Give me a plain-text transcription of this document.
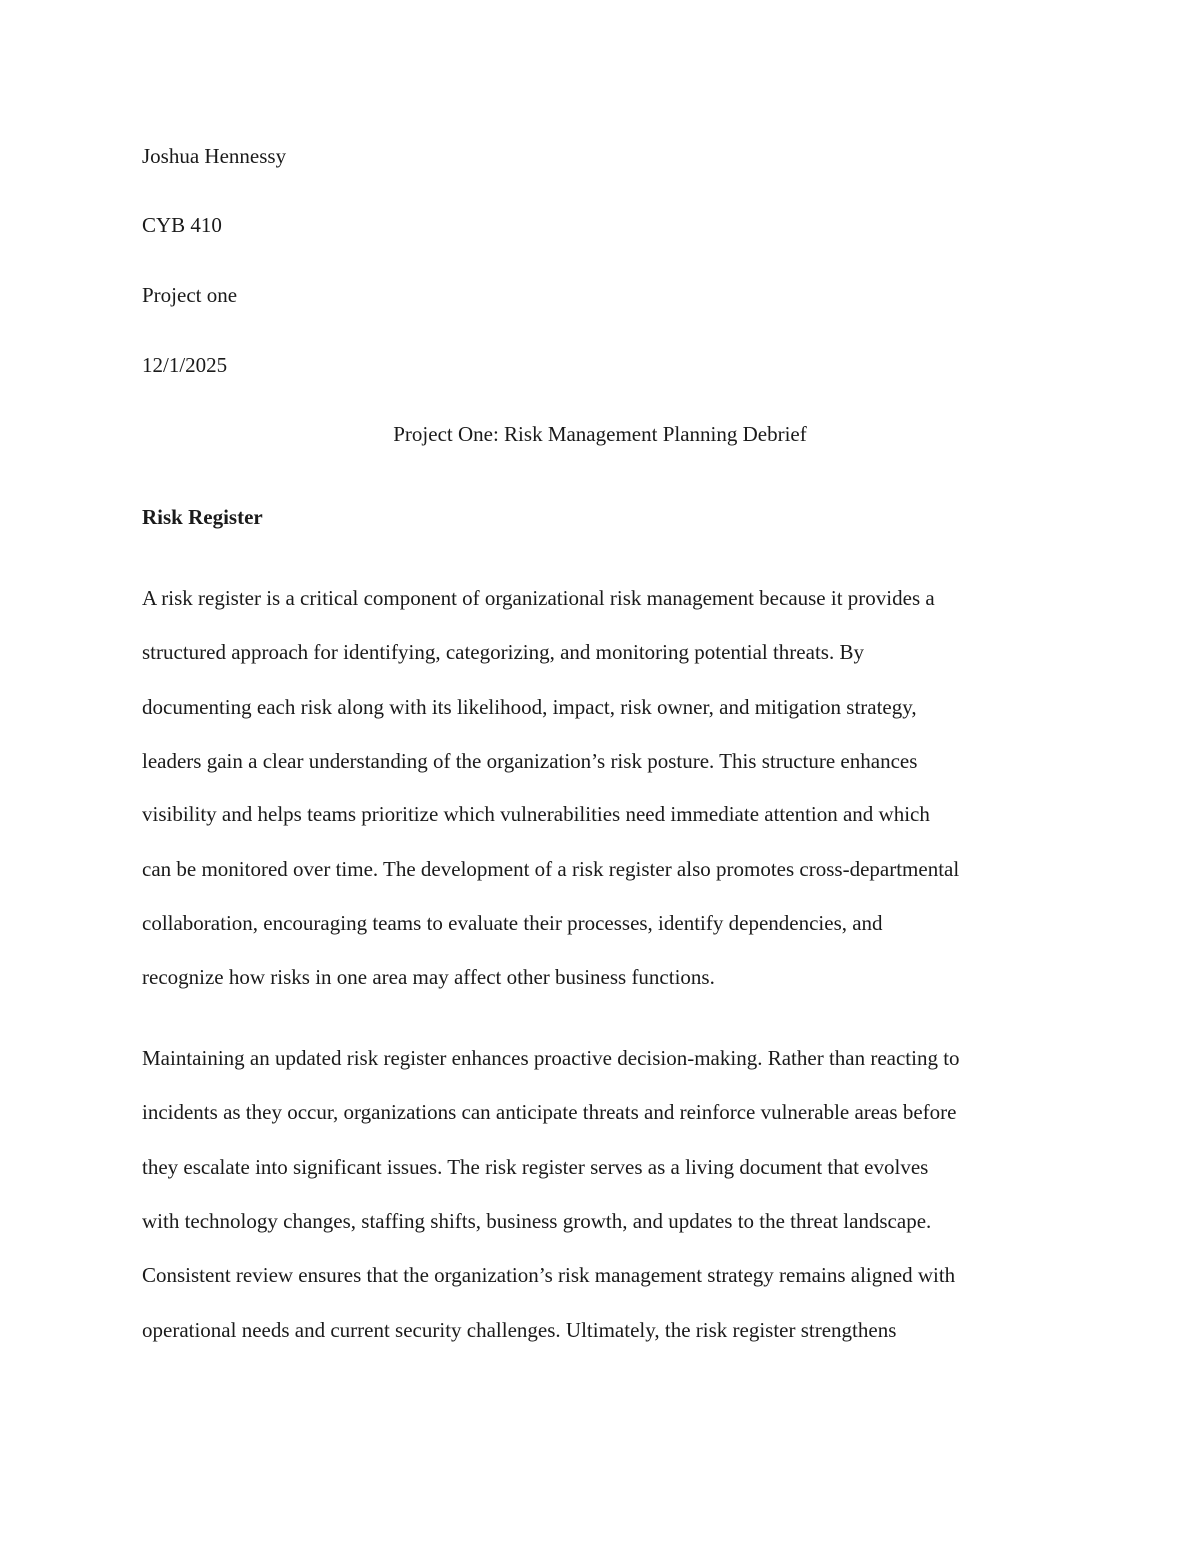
Joshua Hennessy
CYB 410
Project one
12/1/2025
Project One: Risk Management Planning Debrief
Risk Register
A risk register is a critical component of organizational risk management because it provides a
structured approach for identifying, categorizing, and monitoring potential threats. By
documenting each risk along with its likelihood, impact, risk owner, and mitigation strategy,
leaders gain a clear understanding of the organization’s risk posture. This structure enhances
visibility and helps teams prioritize which vulnerabilities need immediate attention and which
can be monitored over time. The development of a risk register also promotes cross-departmental
collaboration, encouraging teams to evaluate their processes, identify dependencies, and
recognize how risks in one area may affect other business functions.
Maintaining an updated risk register enhances proactive decision-making. Rather than reacting to
incidents as they occur, organizations can anticipate threats and reinforce vulnerable areas before
they escalate into significant issues. The risk register serves as a living document that evolves
with technology changes, staffing shifts, business growth, and updates to the threat landscape.
Consistent review ensures that the organization’s risk management strategy remains aligned with
operational needs and current security challenges. Ultimately, the risk register strengthens
